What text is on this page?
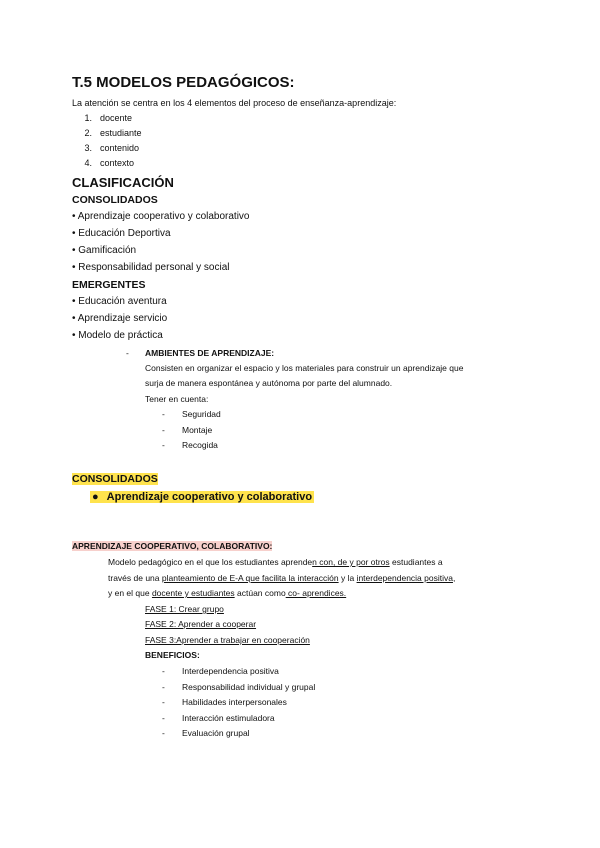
T.5 MODELOS PEDAGÓGICOS:
La atención se centra en los 4 elementos del proceso de enseñanza-aprendizaje:
1. docente
2. estudiante
3. contenido
4. contexto
CLASIFICACIÓN
CONSOLIDADOS
• Aprendizaje cooperativo y colaborativo
• Educación Deportiva
• Gamificación
• Responsabilidad personal y social
EMERGENTES
• Educación aventura
• Aprendizaje servicio
• Modelo de práctica
- AMBIENTES DE APRENDIZAJE:
Consisten en organizar el espacio y los materiales para construir un aprendizaje que
surja de manera espontánea y autónoma por parte del alumnado.
Tener en cuenta:
- Seguridad
- Montaje
- Recogida
CONSOLIDADOS
● Aprendizaje cooperativo y colaborativo
APRENDIZAJE COOPERATIVO, COLABORATIVO:
Modelo pedagógico en el que los estudiantes aprenden con, de y por otros estudiantes a
través de una planteamiento de E-A que facilita la interacción y la interdependencia positiva,
y en el que docente y estudiantes actúan como co- aprendices.
FASE 1: Crear grupo
FASE 2: Aprender a cooperar
FASE 3:Aprender a trabajar en cooperación
BENEFICIOS:
- Interdependencia positiva
- Responsabilidad individual y grupal
- Habilidades interpersonales
- Interacción estimuladora
- Evaluación grupal
